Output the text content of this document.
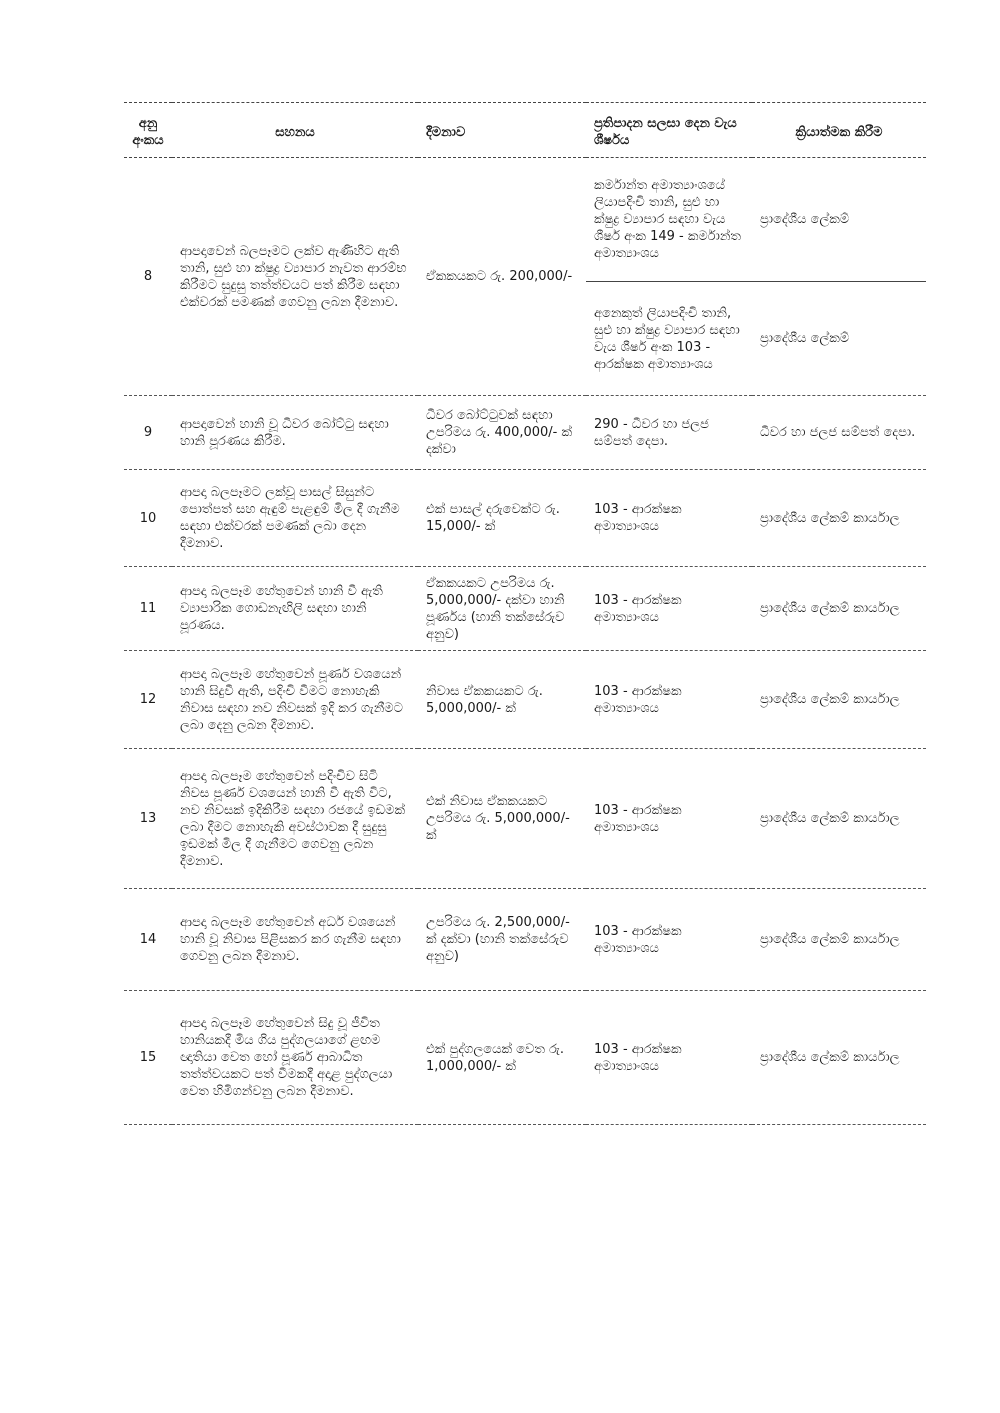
අනු අංකය	සහනය	දීමනාව	ප්‍රතිපාදන සලසා දෙන වැය ශීර්ෂය	ක්‍රියාත්මක කිරීම
8	ආපදාවෙන් බලපෑමට ලක්ව ඇණිහිට ඇති තානි, සුළු හා ක්ෂුද්‍ර ව්‍යාපාර නැවත ආරම්භ කිරීමට සුදුසු තත්ත්වයට පත් කිරීම සඳහා එක්වරක් පමණක් ගෙවනු ලබන දීමනාව.	ඒකකයකට රු. 200,000/-	කර්මාන්ත අමාත්‍යාංශයේ ලියාපදිංචි තානි, සුළු හා ක්ෂුද්‍ර ව්‍යාපාර සඳහා වැය ශීර්ෂ අංක 149 - කර්මාන්ත අමාත්‍යාංශය	ප්‍රාදේශීය ලේකම්
			අනෙකුත් ලියාපදිංචි තානි, සුළු හා ක්ෂුද්‍ර ව්‍යාපාර සඳහා වැය ශීර්ෂ අංක 103 - ආරක්ෂක අමාත්‍යාංශය	ප්‍රාදේශීය ලේකම්
9	ආපදාවෙන් හානි වූ ධීවර බෝට්ටු සඳහා හානි පූරණය කිරීම.	ධීවර බෝට්ටුවක් සඳහා උපරිමය රු. 400,000/- ක් දක්වා	290 - ධීවර හා ජලජ සම්පත් දෙපා.	ධීවර හා ජලජ සම්පත් දෙපා.
10	ආපදා බලපෑමට ලක්වූ පාසල් සිසුන්ට පොත්පත් සහ ඇඳුම් පැළඳුම් මිල දී ගැනීම සඳහා එක්වරක් පමණක් ලබා දෙන දීමනාව.	එක් පාසල් දරුවෙක්ට රු. 15,000/- ක්	103 - ආරක්ෂක අමාත්‍යාංශය	ප්‍රාදේශීය ලේකම් කාර්යාල
11	ආපදා බලපෑම හේතුවෙන් හානි වී ඇති ව්‍යාපාරික ගොඩනැඟිලි සඳහා හානි පූරණය.	ඒකකයකට උපරිමය රු. 5,000,000/- දක්වා හානි පූර්ණය (හානි තක්සේරුව අනුව)	103 - ආරක්ෂක අමාත්‍යාංශය	ප්‍රාදේශීය ලේකම් කාර්යාල
12	ආපදා බලපෑම හේතුවෙන් පූර්ණ වශයෙන් හානි සිදුවී ඇති, පදිංචි වීමට නොහැකි නිවාස සඳහා නව නිවසක් ඉදි කර ගැනීමට ලබා දෙනු ලබන දීමනාව.	නිවාස ඒකකයකට රු. 5,000,000/- ක්	103 - ආරක්ෂක අමාත්‍යාංශය	ප්‍රාදේශීය ලේකම් කාර්යාල
13	ආපදා බලපෑම හේතුවෙන් පදිංචිව සිටි නිවස පූර්ණ වශයෙන් හානි වී ඇති විට, නව නිවසක් ඉදිකිරීම සඳහා රජයේ ඉඩමක් ලබා දීමට නොහැකි අවස්ථාවක දී සුදුසු ඉඩමක් මිල දී ගැනීමට ගෙවනු ලබන දීමනාව.	එක් නිවාස ඒකකයකට උපරිමය රු. 5,000,000/- ක්	103 - ආරක්ෂක අමාත්‍යාංශය	ප්‍රාදේශීය ලේකම් කාර්යාල
14	ආපදා බලපෑම හේතුවෙන් අර්ධ වශයෙන් හානි වූ නිවාස පිළිසකර කර ගැනීම සඳහා ගෙවනු ලබන දීමනාව.	උපරිමය රු. 2,500,000/- ක් දක්වා (හානි තක්සේරුව අනුව)	103 - ආරක්ෂක අමාත්‍යාංශය	ප්‍රාදේශීය ලේකම් කාර්යාල
15	ආපදා බලපෑම හේතුවෙන් සිදු වූ ජීවිත හානියකදී මිය ගිය පුද්ගලයාගේ ළඟම ඥාතියා වෙත හෝ පූර්ණ ආබාධිත තත්ත්වයකට පත් වීමකදී අදාළ පුද්ගලයා වෙත හිමිගන්වනු ලබන දීමනාව.	එක් පුද්ගලයෙක් වෙත රු. 1,000,000/- ක්	103 - ආරක්ෂක අමාත්‍යාංශය	ප්‍රාදේශීය ලේකම් කාර්යාල
